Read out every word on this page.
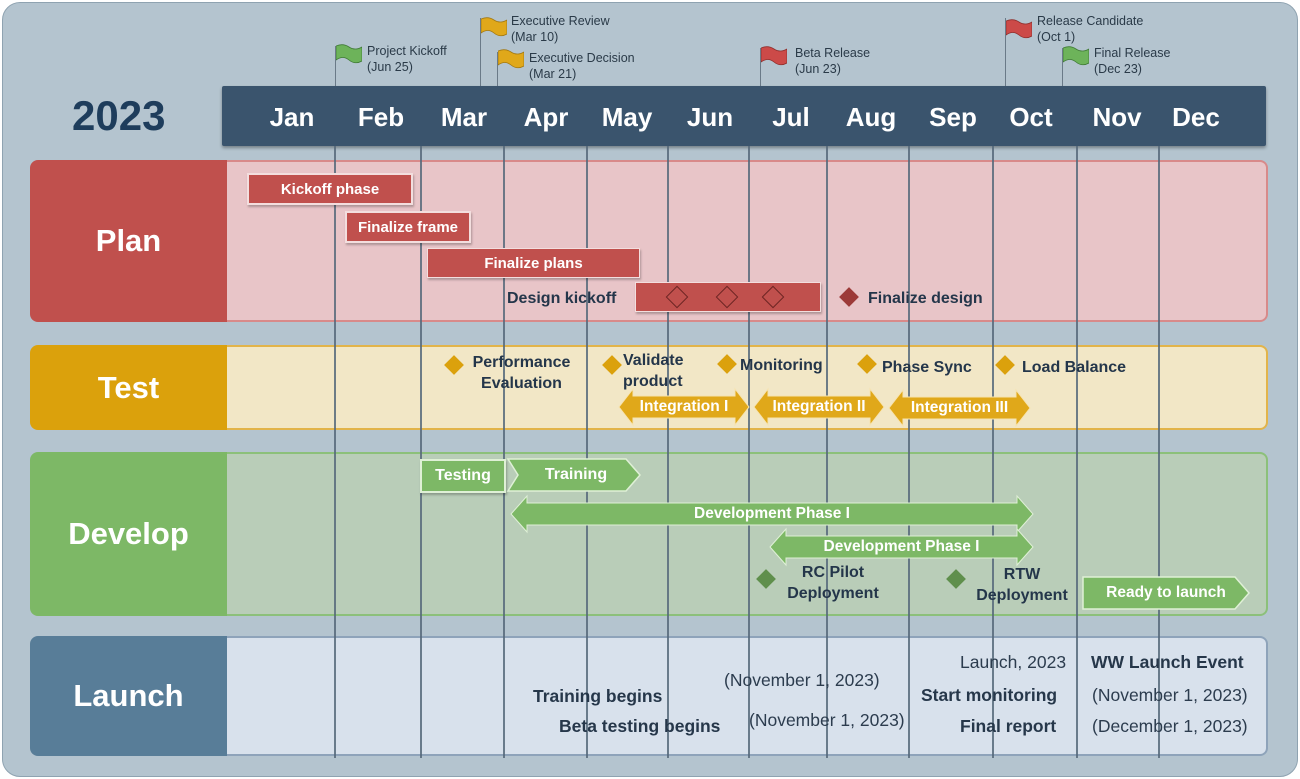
2023
Project Kickoff
(Jun 25)
Executive Review
(Mar 10)
Executive Decision
(Mar 21)
Beta Release
(Jun 23)
Release Candidate
(Oct 1)
Final Release
(Dec 23)
Jan	Feb	Mar	Apr	May	Jun	Jul	Aug	Sep	Oct	Nov	Dec
Plan
Test
Develop
Launch
Kickoff phase
Finalize frame
Finalize plans
Design kickoff	Finalize design
Performance
Evaluation
Validate
product
Monitoring	Phase Sync	Load Balance
Integration I	Integration II	Integration III
Testing	Training
Development Phase I
Development Phase I
RC Pilot
Deployment
RTW
Deployment	Ready to launch
Training begins
Beta testing begins
(November 1, 2023)
(November 1, 2023)
Launch, 2023 WW Launch Event
Start monitoring (November 1, 2023)
Final report (December 1, 2023)
